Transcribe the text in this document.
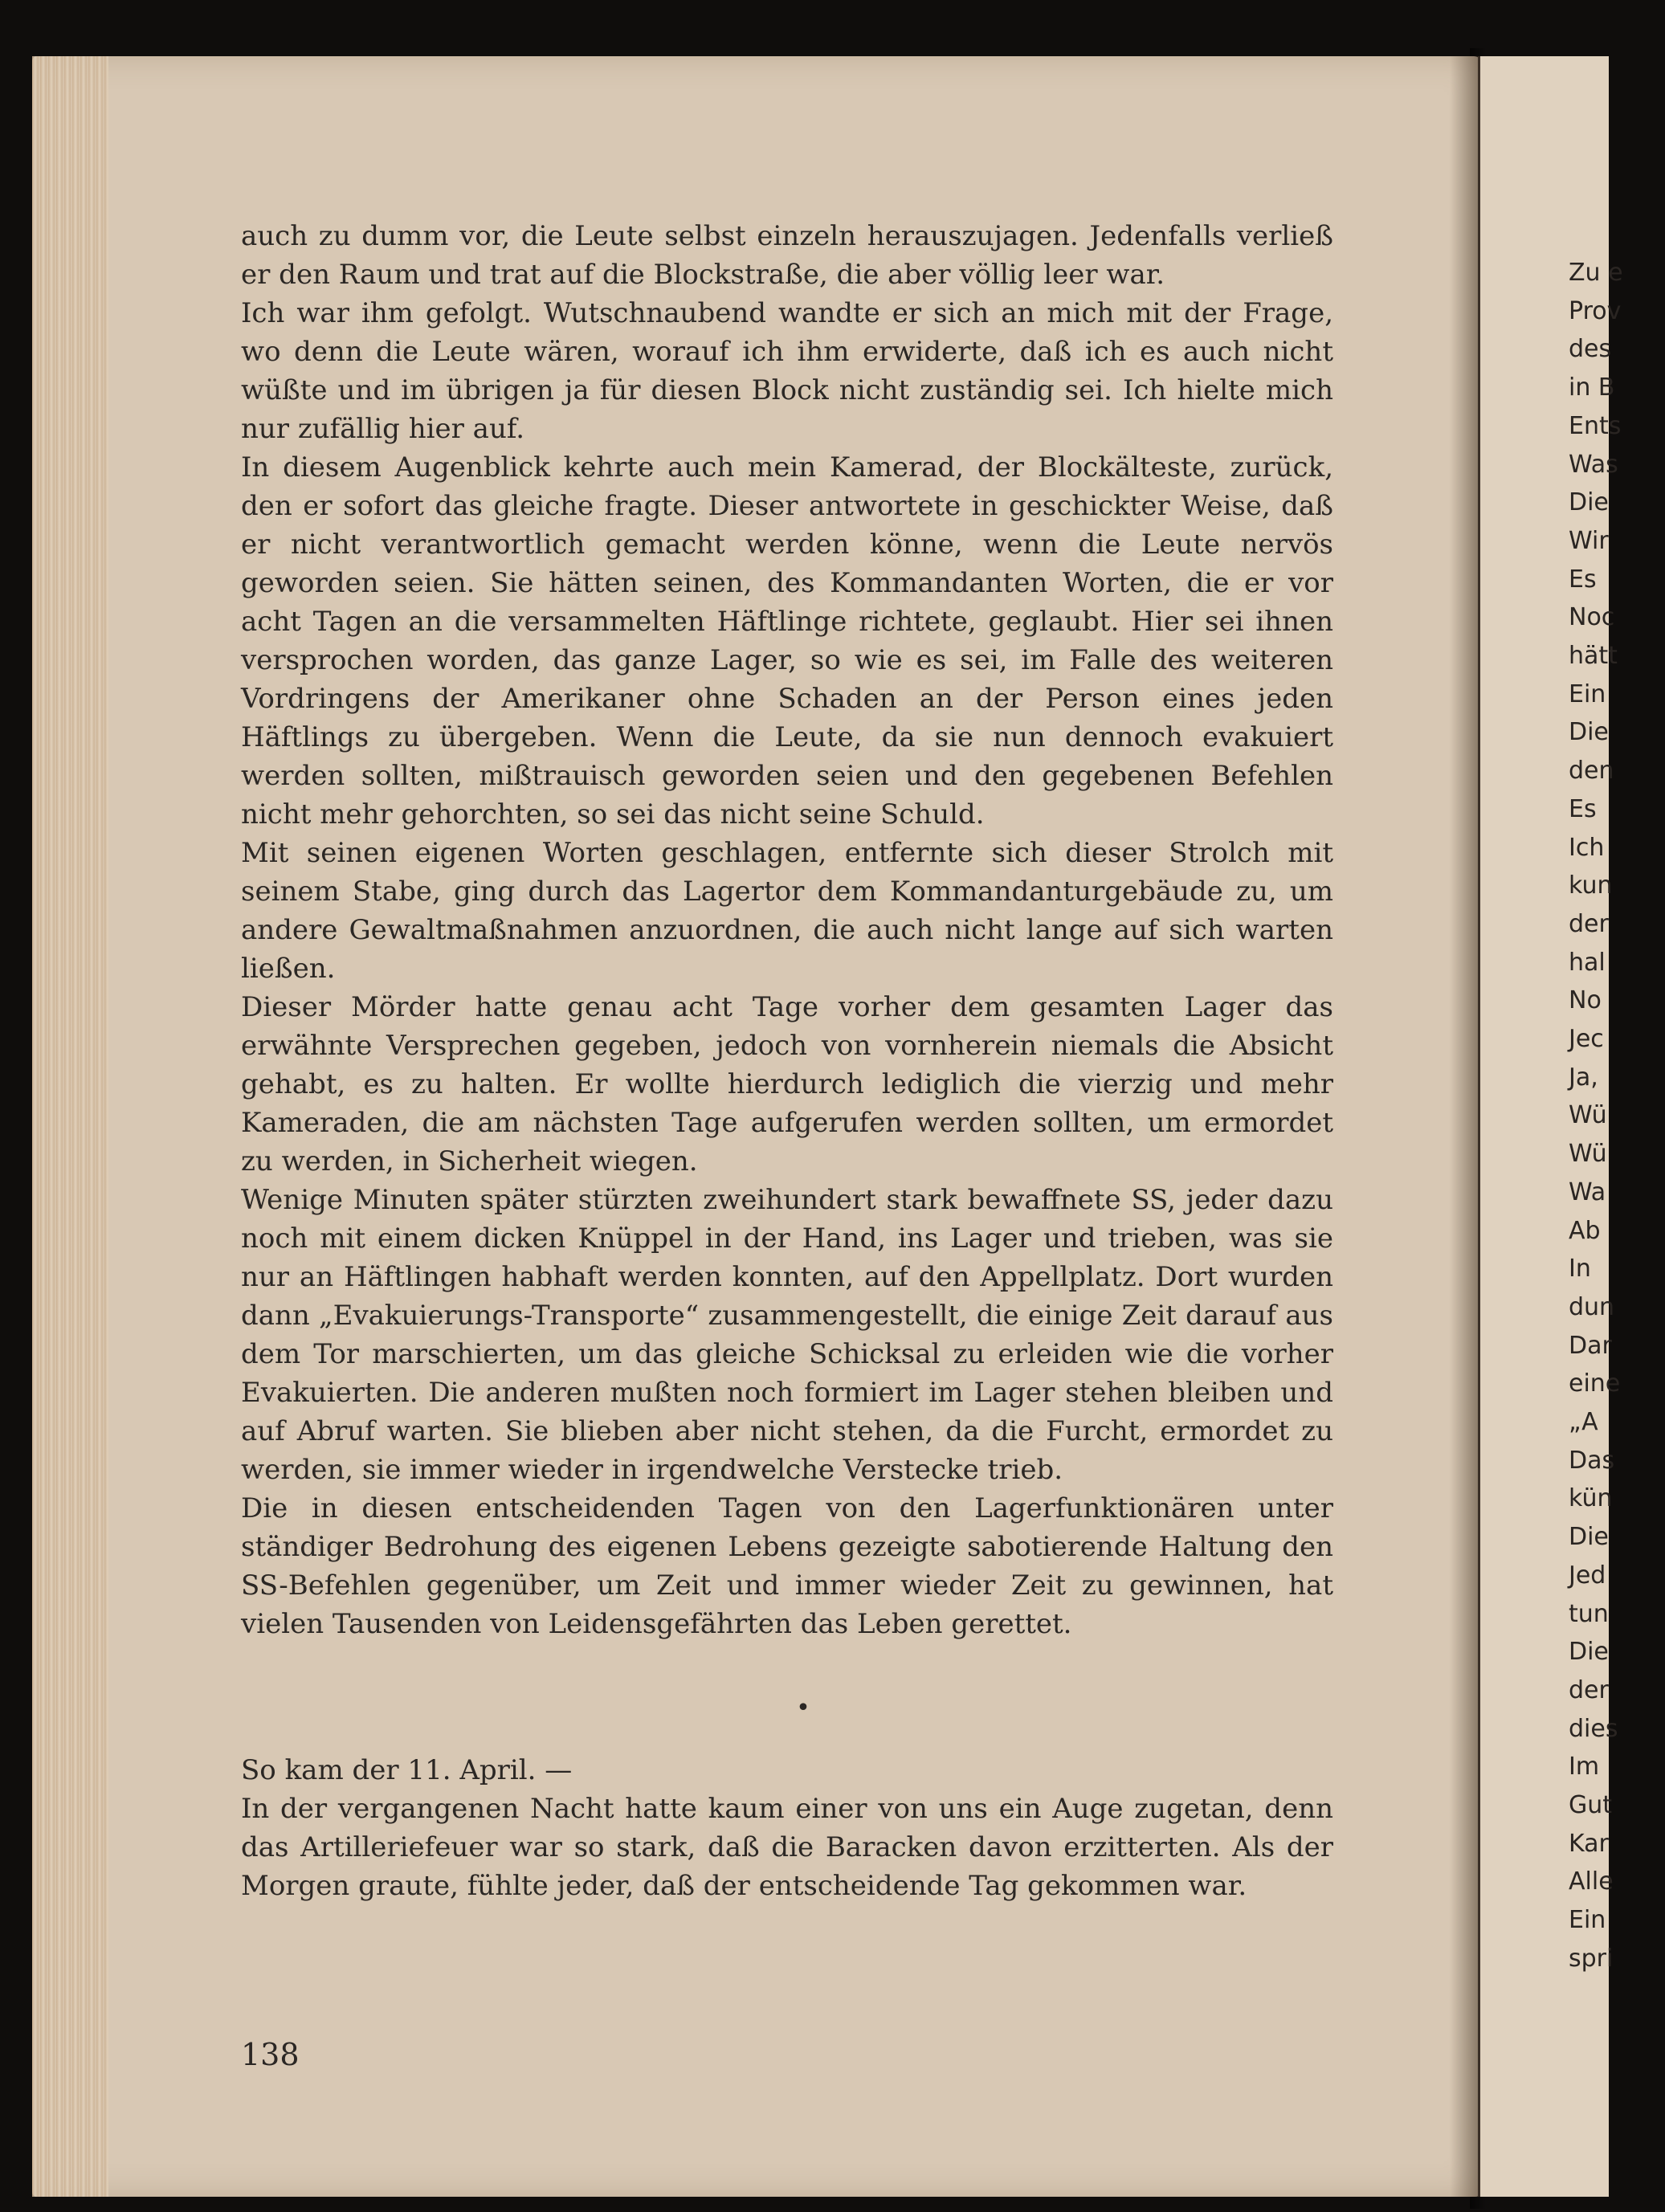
auch zu dumm vor, die Leute selbst einzeln herauszujagen. Jedenfalls verließ er den Raum und trat auf die Blockstraße, die aber völlig leer war.

Ich war ihm gefolgt. Wutschnaubend wandte er sich an mich mit der Frage, wo denn die Leute wären, worauf ich ihm erwiderte, daß ich es auch nicht wüßte und im übrigen ja für diesen Block nicht zuständig sei. Ich hielte mich nur zufällig hier auf.

In diesem Augenblick kehrte auch mein Kamerad, der Blockälteste, zurück, den er sofort das gleiche fragte. Dieser antwortete in geschickter Weise, daß er nicht verantwortlich gemacht werden könne, wenn die Leute nervös geworden seien. Sie hätten seinen, des Kommandanten Worten, die er vor acht Tagen an die versammelten Häftlinge richtete, geglaubt. Hier sei ihnen versprochen worden, das ganze Lager, so wie es sei, im Falle des weiteren Vordringens der Amerikaner ohne Schaden an der Person eines jeden Häftlings zu übergeben. Wenn die Leute, da sie nun dennoch evakuiert werden sollten, mißtrauisch geworden seien und den gegebenen Befehlen nicht mehr gehorchten, so sei das nicht seine Schuld.

Mit seinen eigenen Worten geschlagen, entfernte sich dieser Strolch mit seinem Stabe, ging durch das Lagertor dem Kommandanturgebäude zu, um andere Gewaltmaßnahmen anzuordnen, die auch nicht lange auf sich warten ließen.

Dieser Mörder hatte genau acht Tage vorher dem gesamten Lager das erwähnte Versprechen gegeben, jedoch von vornherein niemals die Absicht gehabt, es zu halten. Er wollte hierdurch lediglich die vierzig und mehr Kameraden, die am nächsten Tage aufgerufen werden sollten, um ermordet zu werden, in Sicherheit wiegen.

Wenige Minuten später stürzten zweihundert stark bewaffnete SS, jeder dazu noch mit einem dicken Knüppel in der Hand, ins Lager und trieben, was sie nur an Häftlingen habhaft werden konnten, auf den Appellplatz. Dort wurden dann „Evakuierungs-Transporte“ zusammengestellt, die einige Zeit darauf aus dem Tor marschierten, um das gleiche Schicksal zu erleiden wie die vorher Evakuierten. Die anderen mußten noch formiert im Lager stehen bleiben und auf Abruf warten. Sie blieben aber nicht stehen, da die Furcht, ermordet zu werden, sie immer wieder in irgendwelche Verstecke trieb.

Die in diesen entscheidenden Tagen von den Lagerfunktionären unter ständiger Bedrohung des eigenen Lebens gezeigte sabotierende Haltung den SS-Befehlen gegenüber, um Zeit und immer wieder Zeit zu gewinnen, hat vielen Tausenden von Leidensgefährten das Leben gerettet.

•

So kam der 11. April. —

In der vergangenen Nacht hatte kaum einer von uns ein Auge zugetan, denn das Artilleriefeuer war so stark, daß die Baracken davon erzitterten. Als der Morgen graute, fühlte jeder, daß der entscheidende Tag gekommen war.

138
Zu e
Prov
des
in B
Ents
Was
Die
Wir
Es
Noc
hätt
Ein
Die
den
Es
Ich
kun
der
hal
No
Jec
Ja,
Wü
Wü
Wa
Ab
In
dun
Dar
eine
„A
Das
kün
Die
Jed
tun
Die
der
dies
Im
Gut
Kar
Alle
Ein
spri
